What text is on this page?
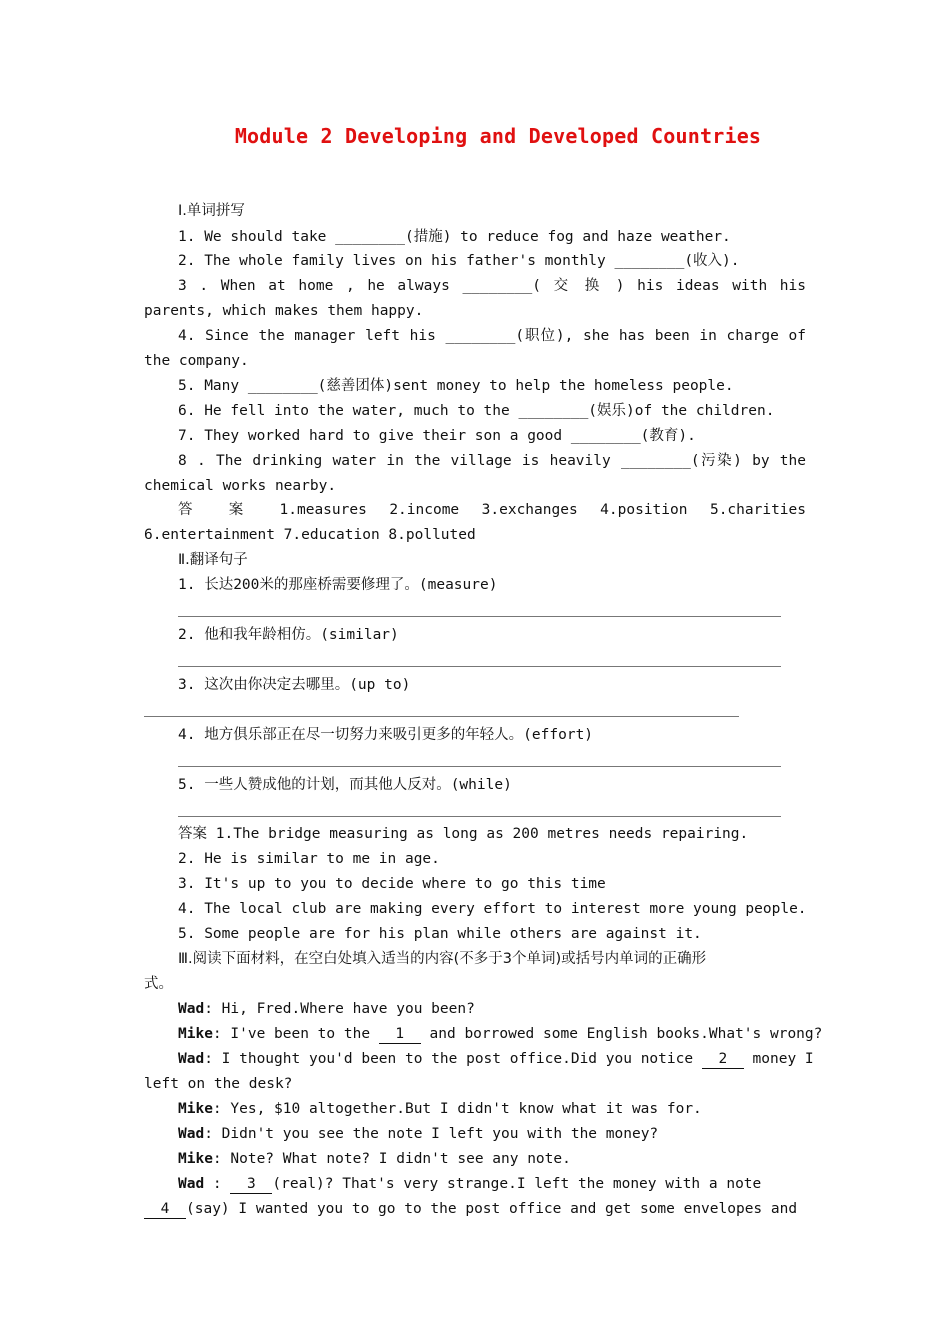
Module 2 Developing and Developed Countries
Ⅰ.单词拼写
1. We should take ________(措施) to reduce fog and haze weather.
2. The whole family lives on his father's monthly ________(收入).
3 . When at home , he always ________( 交 换 ) his ideas with his
parents, which makes them happy.
4. Since the manager left his ________(职位), she has been in charge of
the company.
5. Many ________(慈善团体)sent money to help the homeless people.
6. He fell into the water, much to the ________(娱乐)of the children.
7. They worked hard to give their son a good ________(教育).
8 . The drinking water in the village is heavily ________(污染) by the
chemical works nearby.
答 案 1.measures 2.income 3.exchanges 4.position 5.charities
6.entertainment 7.education 8.polluted
Ⅱ.翻译句子
1. 长达200米的那座桥需要修理了。(measure)
2. 他和我年龄相仿。(similar)
3. 这次由你决定去哪里。(up to)
4. 地方俱乐部正在尽一切努力来吸引更多的年轻人。(effort)
5. 一些人赞成他的计划，而其他人反对。(while)
答案 1.The bridge measuring as long as 200 metres needs repairing.
2. He is similar to me in age.
3. It's up to you to decide where to go this time
4. The local club are making every effort to interest more young people.
5. Some people are for his plan while others are against it.
Ⅲ.阅读下面材料，在空白处填入适当的内容(不多于3个单词)或括号内单词的正确形
式。
Wad: Hi, Fred.Where have you been?
Mike: I've been to the 1 and borrowed some English books.What's wrong?
Wad: I thought you'd been to the post office.Did you notice 2 money I
left on the desk?
Mike: Yes, $10 altogether.But I didn't know what it was for.
Wad: Didn't you see the note I left you with the money?
Mike: Note? What note? I didn't see any note.
Wad : 3 (real)? That's very strange.I left the money with a note
4 (say) I wanted you to go to the post office and get some envelopes and
